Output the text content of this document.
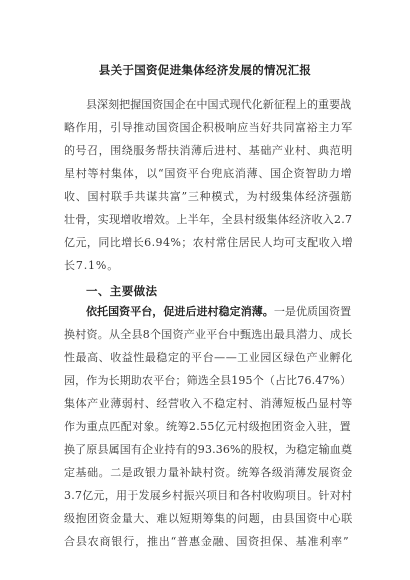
县关于国资促进集体经济发展的情况汇报
县深刻把握国资国企在中国式现代化新征程上的重要战
略作用，引导推动国资国企积极响应当好共同富裕主力军
的号召，围绕服务帮扶消薄后进村、基础产业村、典范明
星村等村集体，以“国资平台兜底消薄、国企资智助力增
收、国村联手共谋共富”三种模式，为村级集体经济强筋
壮骨，实现增收增效。上半年，全县村级集体经济收入2.7
亿元，同比增长6.94%；农村常住居民人均可支配收入增
长7.1%。
一、主要做法
依托国资平台，促进后进村稳定消薄。一是优质国资置
换村资。从全县8个国资产业平台中甄选出最具潜力、成长
性最高、收益性最稳定的平台——工业园区绿色产业孵化
园，作为长期助农平台；筛选全县195个（占比76.47%）
集体产业薄弱村、经营收入不稳定村、消薄短板凸显村等
作为重点匹配对象。统筹2.55亿元村级抱团资金入驻，置
换了原县属国有企业持有的93.36%的股权，为稳定输血奠
定基础。二是政银力量补缺村资。统筹各级消薄发展资金
3.7亿元，用于发展乡村振兴项目和各村收购项目。针对村
级抱团资金量大、难以短期筹集的问题，由县国资中心联
合县农商银行，推出“普惠金融、国资担保、基准利率”
